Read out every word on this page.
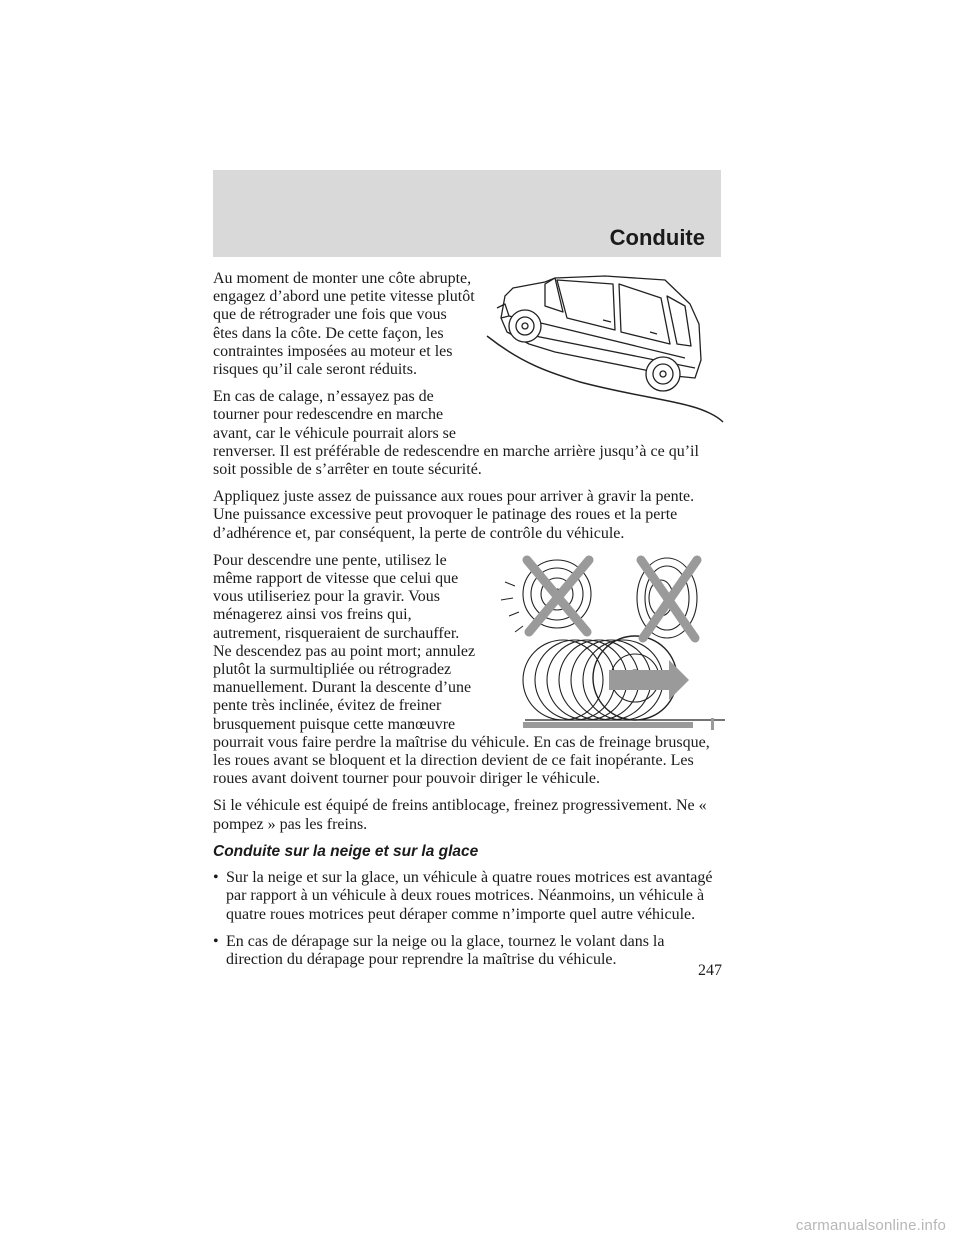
Conduite

Au moment de monter une côte abrupte, engagez d’abord une petite vitesse plutôt que de rétrograder une fois que vous êtes dans la côte. De cette façon, les contraintes imposées au moteur et les risques qu’il cale seront réduits.

En cas de calage, n’essayez pas de tourner pour redescendre en marche avant, car le véhicule pourrait alors se renverser. Il est préférable de redescendre en marche arrière jusqu’à ce qu’il soit possible de s’arrêter en toute sécurité.

Appliquez juste assez de puissance aux roues pour arriver à gravir la pente. Une puissance excessive peut provoquer le patinage des roues et la perte d’adhérence et, par conséquent, la perte de contrôle du véhicule.

Pour descendre une pente, utilisez le même rapport de vitesse que celui que vous utiliseriez pour la gravir. Vous ménagerez ainsi vos freins qui, autrement, risqueraient de surchauffer. Ne descendez pas au point mort; annulez plutôt la surmultipliée ou rétrogradez manuellement. Durant la descente d’une pente très inclinée, évitez de freiner brusquement puisque cette manœuvre pourrait vous faire perdre la maîtrise du véhicule. En cas de freinage brusque, les roues avant se bloquent et la direction devient de ce fait inopérante. Les roues avant doivent tourner pour pouvoir diriger le véhicule.

Si le véhicule est équipé de freins antiblocage, freinez progressivement. Ne « pompez » pas les freins.

Conduite sur la neige et sur la glace
• Sur la neige et sur la glace, un véhicule à quatre roues motrices est avantagé par rapport à un véhicule à deux roues motrices. Néanmoins, un véhicule à quatre roues motrices peut déraper comme n’importe quel autre véhicule.
• En cas de dérapage sur la neige ou la glace, tournez le volant dans la direction du dérapage pour reprendre la maîtrise du véhicule.
247
carmanualsonline.info
